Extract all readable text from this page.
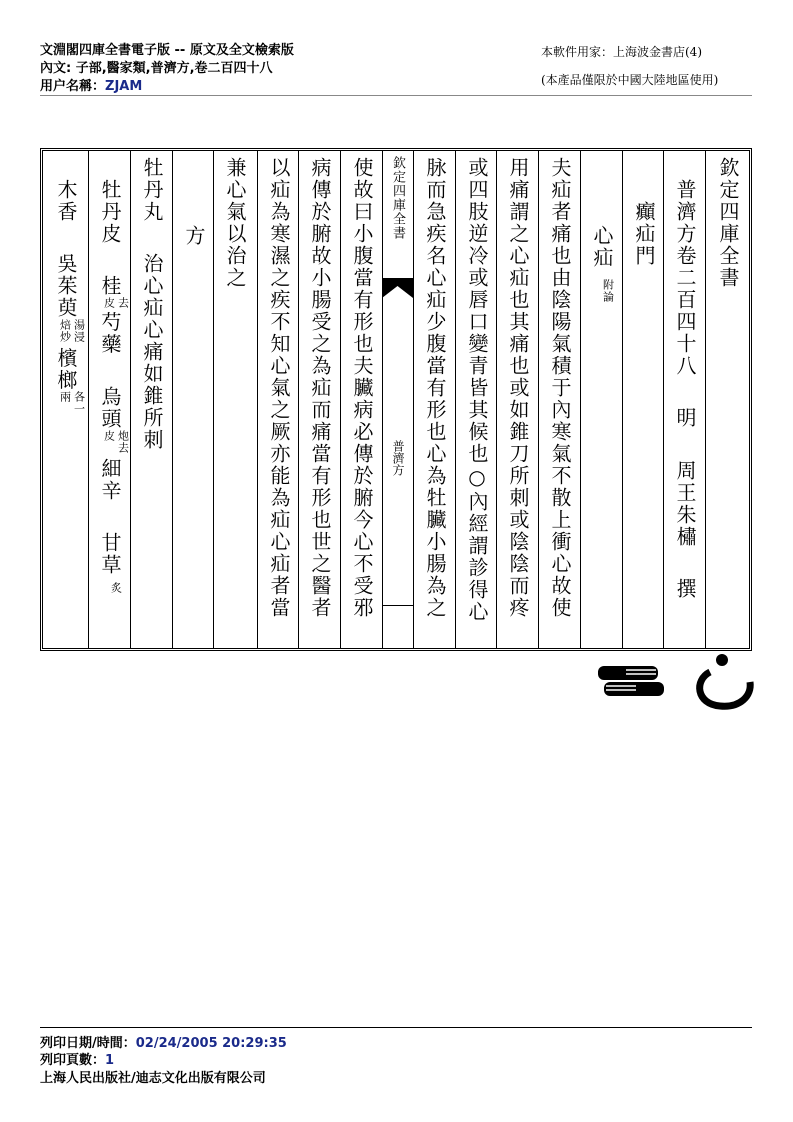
文淵閣四庫全書電子版 -- 原文及全文檢索版
內文: 子部,醫家類,普濟方,卷二百四十八
用户名稱：ZJAM
本軟件用家：上海波金書店(4)
(本產品僅限於中國大陸地區使用)
欽定四庫全書
普濟方卷二百四十八 明 周王朱橚 撰
癲疝門
心疝附論
夫疝者痛也由陰陽氣積于內寒氣不散上衝心故使
用痛謂之心疝也其痛也或如錐刀所刺或陰陰而疼
或四肢逆冷或唇口變青皆其候也○內經謂診得心
脉而急疾名心疝少腹當有形也心為牡臟小腸為之
欽定四庫全書
普濟方
使故曰小腹當有形也夫臟病必傳於腑今心不受邪
病傳於腑故小腸受之為疝而痛當有形也世之醫者
以疝為寒濕之疾不知心氣之厥亦能為疝心疝者當
兼心氣以治之
方
牡丹丸 治心疝心痛如錐所刺
牡丹皮 桂去皮芍藥 烏頭炮去皮細辛 甘草炙
木香 吳茱萸湯浸焙炒檳榔各一兩
列印日期/時間：02/24/2005 20:29:35
列印頁數：1
上海人民出版社/迪志文化出版有限公司
